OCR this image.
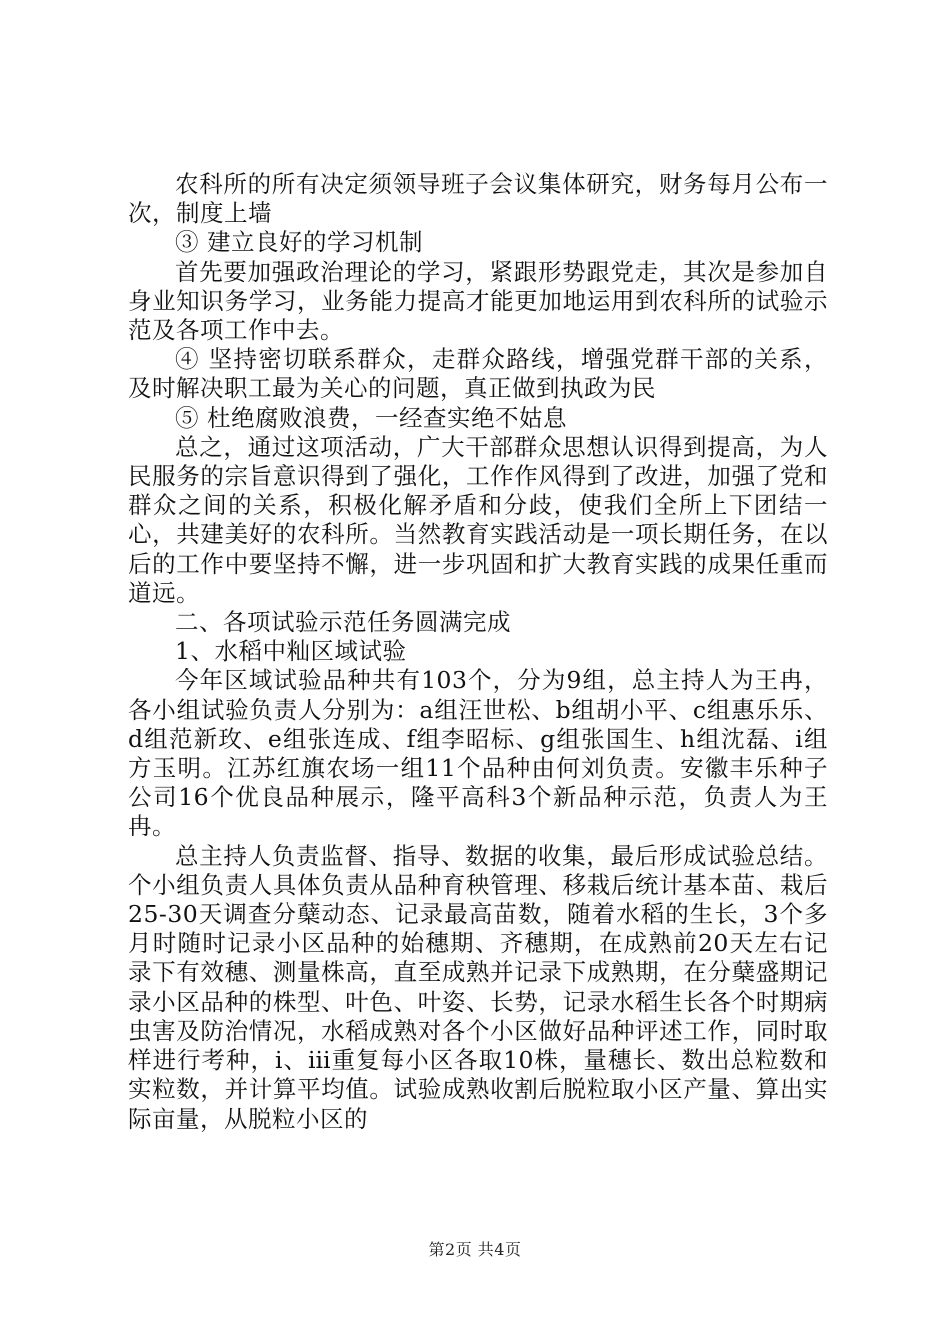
农科所的所有决定须领导班子会议集体研究，财务每月公布一次，制度上墙

③ 建立良好的学习机制

首先要加强政治理论的学习，紧跟形势跟党走，其次是参加自身业知识务学习，业务能力提高才能更加地运用到农科所的试验示范及各项工作中去。

④ 坚持密切联系群众，走群众路线，增强党群干部的关系，及时解决职工最为关心的问题，真正做到执政为民

⑤ 杜绝腐败浪费，一经查实绝不姑息

总之，通过这项活动，广大干部群众思想认识得到提高，为人民服务的宗旨意识得到了强化，工作作风得到了改进，加强了党和群众之间的关系，积极化解矛盾和分歧，使我们全所上下团结一心，共建美好的农科所。当然教育实践活动是一项长期任务，在以后的工作中要坚持不懈，进一步巩固和扩大教育实践的成果任重而道远。

二、各项试验示范任务圆满完成

1、水稻中籼区域试验

今年区域试验品种共有103个，分为9组，总主持人为王冉，各小组试验负责人分别为：a组汪世松、b组胡小平、c组惠乐乐、d组范新玫、e组张连成、f组李昭标、g组张国生、h组沈磊、i组方玉明。江苏红旗农场一组11个品种由何刘负责。安徽丰乐种子公司16个优良品种展示，隆平高科3个新品种示范，负责人为王冉。

总主持人负责监督、指导、数据的收集，最后形成试验总结。个小组负责人具体负责从品种育秧管理、移栽后统计基本苗、栽后25-30天调查分蘖动态、记录最高苗数，随着水稻的生长，3个多月时随时记录小区品种的始穗期、齐穗期，在成熟前20天左右记录下有效穗、测量株高，直至成熟并记录下成熟期，在分蘖盛期记录小区品种的株型、叶色、叶姿、长势，记录水稻生长各个时期病虫害及防治情况，水稻成熟对各个小区做好品种评述工作，同时取样进行考种，ⅰ、ⅲ重复每小区各取10株，量穗长、数出总粒数和实粒数，并计算平均值。试验成熟收割后脱粒取小区产量、算出实际亩量，从脱粒小区的

第2页 共4页
